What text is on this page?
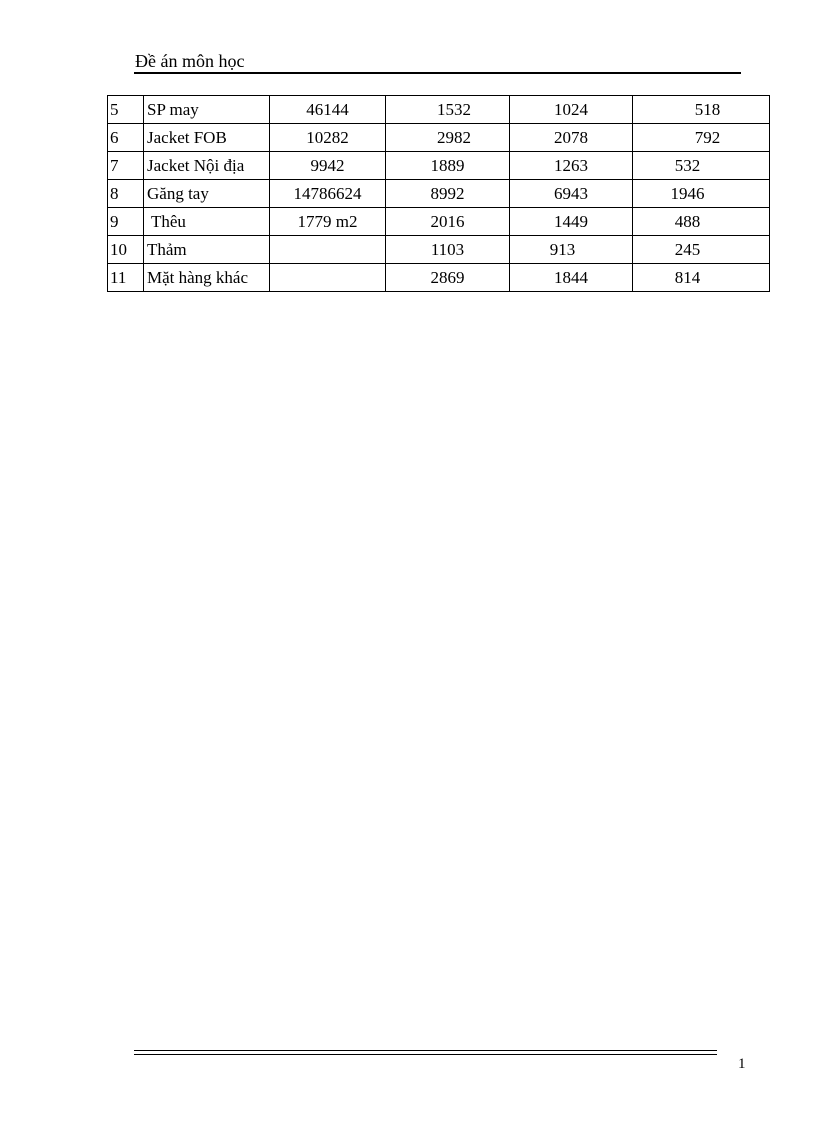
Đề án môn học
5	SP may	46144	1532	1024	518
6	Jacket FOB	10282	2982	2078	792
7	Jacket Nội địa	9942	1889	1263	532
8	Găng tay	14786624	8992	6943	1946
9	Thêu	1779 m2	2016	1449	488
10	Thảm		1103	913	245
11	Mặt hàng khác		2869	1844	814
1
